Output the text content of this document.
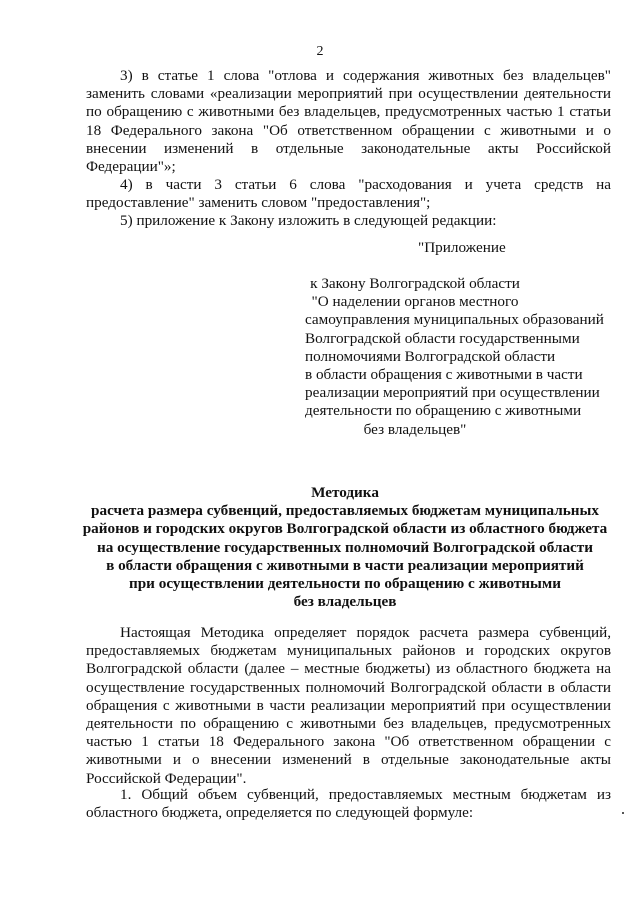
2

3) в статье 1 слова "отлова и содержания животных без владельцев" заменить словами «реализации мероприятий при осуществлении деятельности по обращению с животными без владельцев, предусмотренных частью 1 статьи 18 Федерального закона "Об ответственном обращении с животными и о внесении изменений в отдельные законодательные акты Российской Федерации"»;

4) в части 3 статьи 6 слова "расходования и учета средств на предоставление" заменить словом "предоставления";

5) приложение к Закону изложить в следующей редакции:

"Приложение
к Закону Волгоградской области
"О наделении органов местного
самоуправления муниципальных образований
Волгоградской области государственными
полномочиями Волгоградской области
в области обращения с животными в части
реализации мероприятий при осуществлении
деятельности по обращению с животными
без владельцев"
Методика
расчета размера субвенций, предоставляемых бюджетам муниципальных
районов и городских округов Волгоградской области из областного бюджета
на осуществление государственных полномочий Волгоградской области
в области обращения с животными в части реализации мероприятий
при осуществлении деятельности по обращению с животными
без владельцев

Настоящая Методика определяет порядок расчета размера субвенций, предоставляемых бюджетам муниципальных районов и городских округов Волгоградской области (далее – местные бюджеты) из областного бюджета на осуществление государственных полномочий Волгоградской области в области обращения с животными в части реализации мероприятий при осуществлении деятельности по обращению с животными без владельцев, предусмотренных частью 1 статьи 18 Федерального закона "Об ответственном обращении с животными и о внесении изменений в отдельные законодательные акты Российской Федерации".

1. Общий объем субвенций, предоставляемых местным бюджетам из областного бюджета, определяется по следующей формуле:
